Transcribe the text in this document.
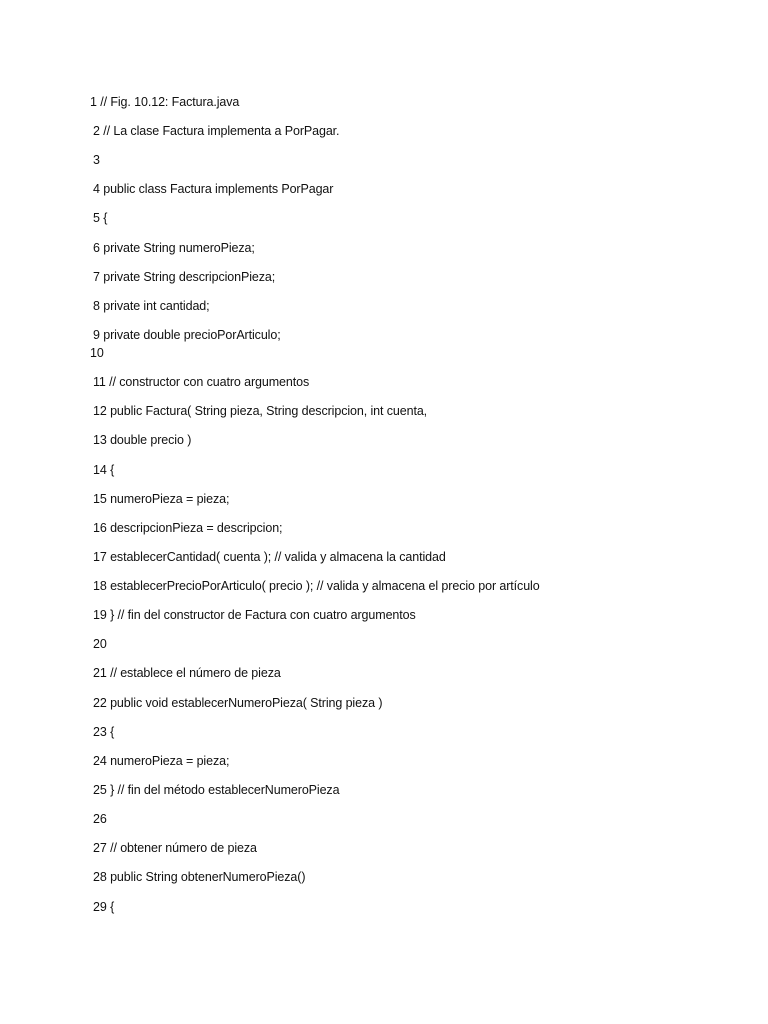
1 // Fig. 10.12: Factura.java
2 // La clase Factura implementa a PorPagar.
3
4 public class Factura implements PorPagar
5 {
6 private String numeroPieza;
7 private String descripcionPieza;
8 private int cantidad;
9 private double precioPorArticulo;
10
11 // constructor con cuatro argumentos
12 public Factura( String pieza, String descripcion, int cuenta,
13 double precio )
14 {
15 numeroPieza = pieza;
16 descripcionPieza = descripcion;
17 establecerCantidad( cuenta ); // valida y almacena la cantidad
18 establecerPrecioPorArticulo( precio ); // valida y almacena el precio por artículo
19 } // fin del constructor de Factura con cuatro argumentos
20
21 // establece el número de pieza
22 public void establecerNumeroPieza( String pieza )
23 {
24 numeroPieza = pieza;
25 } // fin del método establecerNumeroPieza
26
27 // obtener número de pieza
28 public String obtenerNumeroPieza()
29 {
